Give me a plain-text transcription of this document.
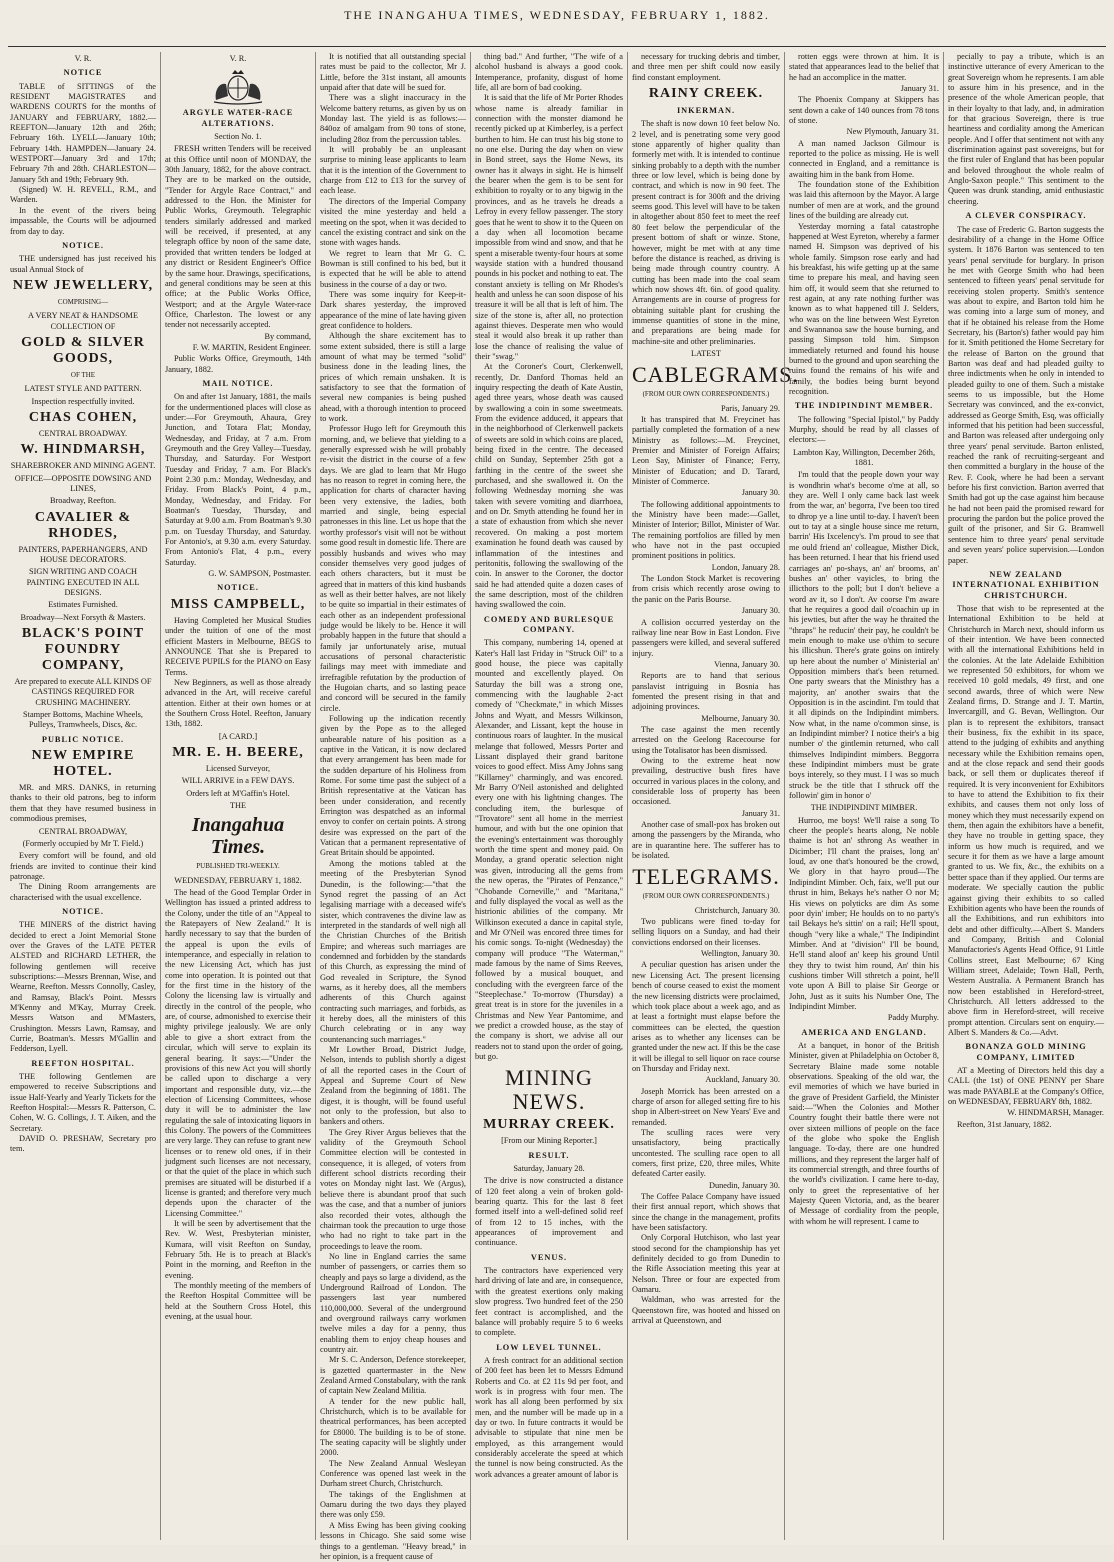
THE INANGAHUA TIMES, WEDNESDAY, FEBRUARY 1, 1882.
V. R.
NOTICE
TABLE of SITTINGS of the RESIDENT MAGISTRATES and WARDENS COURTS for the months of JANUARY and FEBRUARY, 1882.—REEFTON—January 12th and 26th; February 16th. LYELL—January 10th; February 14th. HAMPDEN—January 24. WESTPORT—January 3rd and 17th; February 7th and 28th. CHARLESTON—January 5th and 19th; February 9th.
(Signed) W. H. REVELL, R.M., and Warden.
In the event of the rivers being impassable, the Courts will be adjourned from day to day.
NOTICE.
THE undersigned has just received his usual Annual Stock of
NEW JEWELLERY,
COMPRISING—
A VERY NEAT & HANDSOME COLLECTION OF
GOLD & SILVER GOODS,
OF THE
LATEST STYLE AND PATTERN.
Inspection respectfully invited.
CHAS COHEN,
CENTRAL BROADWAY.
W. HINDMARSH,
SHAREBROKER AND MINING AGENT.
OFFICE—OPPOSITE DOWSING AND LINES,
Broadway, Reefton.
CAVALIER & RHODES,
PAINTERS, PAPERHANGERS, AND HOUSE DECORATORS.
SIGN WRITING AND COACH PAINTING EXECUTED IN ALL DESIGNS.
Estimates Furnished.
Broadway—Next Forsyth & Masters.
BLACK'S POINT FOUNDRY COMPANY,
Are prepared to execute ALL KINDS OF CASTINGS REQUIRED FOR CRUSHING MACHINERY.
Stamper Bottoms, Machine Wheels, Pulleys, Tramwheels, Discs, &c.
PUBLIC NOTICE.
NEW EMPIRE HOTEL.
MR. and MRS. DANKS, in returning thanks to their old patrons, beg to inform them that they have resumed business in commodious premises,
CENTRAL BROADWAY,
(Formerly occupied by Mr T. Field.)
Every comfort will be found, and old friends are invited to continue their kind patronage.
The Dining Room arrangements are characterised with the usual excellence.
NOTICE.
THE MINERS of the district having decided to erect a Joint Memorial Stone over the Graves of the LATE PETER ALSTED and RICHARD LETHER, the following gentlemen will receive subscriptions:—Messrs Brennan, Wise, and Wearne, Reefton. Messrs Connolly, Casley, and Ramsay, Black's Point. Messrs M'Kenny and M'Kay, Murray Creek. Messrs Watson and M'Masters, Crushington. Messrs Lawn, Ramsay, and Currie, Boatman's. Messrs M'Gallin and Fedderson, Lyell.
REEFTON HOSPITAL.
THE following Gentlemen are empowered to receive Subscriptions and issue Half-Yearly and Yearly Tickets for the Reefton Hospital:—Messrs R. Patterson, C. Cohen, W. G. Collings, J. T. Aiken, and the Secretary.
DAVID O. PRESHAW, Secretary pro tem.
V. R.
ARGYLE WATER-RACE ALTERATIONS.
Section No. 1.
FRESH written Tenders will be received at this Office until noon of MONDAY, the 30th January, 1882, for the above contract. They are to be marked on the outside, "Tender for Argyle Race Contract," and addressed to the Hon. the Minister for Public Works, Greymouth. Telegraphic tenders similarly addressed and marked will be received, if presented, at any telegraph office by noon of the same date, provided that written tenders be lodged at any district or Resident Engineer's Office by the same hour. Drawings, specifications, and general conditions may be seen at this office; at the Public Works Office, Westport; and at the Argyle Water-race Office, Charleston. The lowest or any tender not necessarily accepted.
By command,
F. W. MARTIN, Resident Engineer.
Public Works Office, Greymouth, 14th January, 1882.
MAIL NOTICE.
On and after 1st January, 1881, the mails for the undermentioned places will close as under:—For Greymouth, Ahaura, Grey Junction, and Totara Flat; Monday, Wednesday, and Friday, at 7 a.m. From Greymouth and the Grey Valley—Tuesday, Thursday, and Saturday. For Westport Tuesday and Friday, 7 a.m. For Black's Point 2.30 p.m.: Monday, Wednesday, and Friday. From Black's Point, 4 p.m., Monday, Wednesday, and Friday. For Boatman's Tuesday, Thursday, and Saturday at 9.00 a.m. From Boatman's 9.30 p.m. on Tuesday Thursday, and Saturday. For Antonio's, at 9.30 a.m. every Saturday. From Antonio's Flat, 4 p.m., every Saturday.
G. W. SAMPSON, Postmaster.
NOTICE.
MISS CAMPBELL,
Having Completed her Musical Studies under the tuition of one of the most efficient Masters in Melbourne, BEGS to ANNOUNCE That she is Prepared to RECEIVE PUPILS for the PIANO on Easy Terms.
New Beginners, as well as those already advanced in the Art, will receive careful attention. Either at their own homes or at the Southern Cross Hotel. Reefton, January 13th, 1882.
[A CARD.]
MR. E. H. BEERE,
Licensed Surveyor,
WILL ARRIVE in a FEW DAYS.
Orders left at M'Gaffin's Hotel.
THE
Inangahua Times.
PUBLISHED TRI-WEEKLY.
WEDNESDAY, FEBRUARY 1, 1882.
The head of the Good Templar Order in Wellington has issued a printed address to the Colony, under the title of an "Appeal to the Ratepayers of New Zealand." It is hardly necessary to say that the burden of the appeal is upon the evils of intemperance, and especially in relation to the new Licensing Act, which has just come into operation. It is pointed out that for the first time in the history of the Colony the licensing law is virtually and directly in the control of the people, who are, of course, admonished to exercise their mighty privilege jealously. We are only able to give a short extract from the circular, which will serve to explain its general bearing. It says:—"Under the provisions of this new Act you will shortly be called upon to discharge a very important and responsible duty, viz.—the election of Licensing Committees, whose duty it will be to administer the law regulating the sale of intoxicating liquors in this Colony. The powers of the Committees are very large. They can refuse to grant new licenses or to renew old ones, if in their judgment such licenses are not necessary, or that the quiet of the place in which such premises are situated will be disturbed if a license is granted; and therefore very much depends upon the character of the Licensing Committee."
It will be seen by advertisement that the Rev. W. West, Presbyterian minister, Kumara, will visit Reefton on Sunday, February 5th. He is to preach at Black's Point in the morning, and Reefton in the evening.
The monthly meeting of the members of the Reefton Hospital Committee will be held at the Southern Cross Hotel, this evening, at the usual hour.
It is notified that all outstanding special rates must be paid to the collector, Mr J. Little, before the 31st instant, all amounts unpaid after that date will be sued for.
There was a slight inaccuracy in the Welcome battery returns, as given by us on Monday last. The yield is as follows:—840oz of amalgam from 90 tons of stone, including 28oz from the percussion tables.
It will probably be an unpleasant surprise to mining lease applicants to learn that it is the intention of the Government to charge from £12 to £13 for the survey of each lease.
The directors of the Imperial Company visited the mine yesterday and held a meeting on the spot, when it was decided to cancel the existing contract and sink on the stone with wages hands.
We regret to learn that Mr G. C. Bowman is still confined to his bed, but it is expected that he will be able to attend business in the course of a day or two.
There was some inquiry for Keep-it-Dark shares yesterday, the improved appearance of the mine of late having given great confidence to holders.
Although the share excitement has to some extent subsided, there is still a large amount of what may be termed "solid" business done in the leading lines, the prices of which remain unshaken. It is satisfactory to see that the formation of several new companies is being pushed ahead, with a thorough intention to proceed to work.
Professor Hugo left for Greymouth this morning, and, we believe that yielding to a generally expressed wish he will probably re-visit the district in the course of a few days. We are glad to learn that Mr Hugo has no reason to regret in coming here, the application for charts of character having been very extensive, the ladies, both married and single, being especial patronesses in this line. Let us hope that the worthy professor's visit will not be without some good result in domestic life. There are possibly husbands and wives who may consider themselves very good judges of each others characters, but it must be agreed that in matters of this kind husbands as well as their better halves, are not likely to be quite so impartial in their estimates of each other as an independent professional judge would be likely to be. Hence it will probably happen in the future that should a family jar unfortunately arise, mutual accusations of personal characteristic failings may meet with immediate and irrefragible refutation by the production of the Hugoian charts, and so lasting peace and concord will be secured in the family circle.
Following up the indication recently given by the Pope as to the alleged unbearable nature of his position as a captive in the Vatican, it is now declared that every arrangement has been made for the sudden departure of his Holiness from Rome. For some time past the subject of a British representative at the Vatican has been under consideration, and recently Errington was despatched as an informal envoy to confer on certain points. A strong desire was expressed on the part of the Vatican that a permanent representative of Great Britain should be appointed.
Among the motions tabled at the meeting of the Presbyterian Synod Dunedin, is the following:—"that the Synod regret the passing of an Act legalising marriage with a deceased wife's sister, which contravenes the divine law as interpreted in the standards of well nigh all the Christian Churches of the British Empire; and whereas such marriages are condemned and forbidden by the standards of this Church, as expressing the mind of God revealed in Scripture, the Synod warns, as it hereby does, all the members adherents of this Church against contracting such marriages, and forbids, as it hereby does, all the ministers of this Church celebrating or in any way countenancing such marriages."
Mr Lowther Broad, District Judge, Nelson, intends to publish shortly a digest of all the reported cases in the Court of Appeal and Supreme Court of New Zealand from the beginning of 1881. The digest, it is thought, will be found useful not only to the profession, but also to bankers and others.
The Grey River Argus believes that the validity of the Greymouth School Committee election will be contested in consequence, it is alleged, of voters from different school districts recording their votes on Monday night last. We (Argus), believe there is abundant proof that such was the case, and that a number of juniors also recorded their votes, although the chairman took the precaution to urge those who had no right to take part in the proceedings to leave the room.
No line in England carries the same number of passengers, or carries them so cheaply and pays so large a dividend, as the Underground Railroad of London. The passengers last year numbered 110,000,000. Several of the underground and overground railways carry workmen twelve miles a day for a penny, thus enabling them to enjoy cheap houses and country air.
Mr S. C. Anderson, Defence storekeeper, is gazetted quartermaster in the New Zealand Armed Constabulary, with the rank of captain New Zealand Militia.
A tender for the new public hall, Christchurch, which is to be available for theatrical performances, has been accepted for £8000. The building is to be of stone. The seating capacity will be slightly under 2000.
The New Zealand Annual Wesleyan Conference was opened last week in the Durham street Church, Christchurch.
The takings of the Englishmen at Oamaru during the two days they played there was only £59.
A Miss Ewing has been giving cooking lessons in Chicago. She said some wise things to a gentleman. "Heavy bread," in her opinion, is a frequent cause of
thing bad." And further, "The wife of a alcohol husband is always a good cook. Intemperance, profanity, disgust of home life, all are born of bad cooking.
It is said that the life of Mr Porter Rhodes whose name is already familiar in connection with the monster diamond he recently picked up at Kimberley, is a perfect burthen to him. He can trust his big stone to no one else. During the day when on view in Bond street, says the Home News, its owner has it always in sight. He is himself the bearer when the gem is to be sent for exhibition to royalty or to any bigwig in the provinces, and as he travels he dreads a Lefroy in every fellow passenger. The story goes that he went to show it to the Queen on a day when all locomotion became impossible from wind and snow, and that he spent a miserable twenty-four hours at some wayside station with a hundred thousand pounds in his pocket and nothing to eat. The constant anxiety is telling on Mr Rhodes's health and unless he can soon dispose of his treasure it will be all that is left of him. The size of the stone is, after all, no protection against thieves. Desperate men who would steal it would also break it up rather than lose the chance of realising the value of their "swag."
At the Coroner's Court, Clerkenwell, recently, Dr. Danford Thomas held an inquiry respecting the death of Kate Austin, aged three years, whose death was caused by swallowing a coin in some sweetmeats. From the evidence adduced, it appears that in the neighborhood of Clerkenwell packets of sweets are sold in which coins are placed, being fixed in the centre. The deceased child on Sunday, September 25th got a farthing in the centre of the sweet she purchased, and she swallowed it. On the following Wednesday morning she was taken with severe vomiting and diarrhoea, and on Dr. Smyth attending he found her in a state of exhaustion from which she never recovered. On making a post mortem examination he found death was caused by inflammation of the intestines and peritonitis, following the swallowing of the coin. In answer to the Coroner, the doctor said he had attended quite a dozen cases of the same description, most of the children having swallowed the coin.
COMEDY AND BURLESQUE COMPANY.
This company, numbering 14, opened at Kater's Hall last Friday in "Struck Oil" to a good house, the piece was capitally mounted and excellently played. On Saturday the bill was a strong one, commencing with the laughable 2-act comedy of "Checkmate," in which Misses Johns and Wyatt, and Messrs Wilkinson, Alexander, and Lissant, kept the house in continuous roars of laughter. In the musical melange that followed, Messrs Porter and Lissant displayed their grand baritone voices to good effect. Miss Amy Johns sang "Killarney" charmingly, and was encored. Mr Barry O'Neil astonished and delighted every one with his lightning changes. The concluding item, the burlesque of "Trovatore" sent all home in the merriest humour, and with but the one opinion that the evening's entertainment was thoroughly worth the time spent and money paid. On Monday, a grand operatic selection night was given, introducing all the gems from the new operas, the "Pirates of Penzance," "Chobande Corneville," and "Maritana," and fully displayed the vocal as well as the histrionic abilities of the company. Mr Wilkinson executed a dance in capital style, and Mr O'Neil was encored three times for his comic songs. To-night (Wednesday) the company will produce "The Waterman," made famous by the name of Sims Reeves, followed by a musical bouquet, and concluding with the evergreen farce of the "Steeplechase." To-morrow (Thursday) a great treat is in store for the juveniles in a Christmas and New Year Pantomime, and we predict a crowded house, as the stay of the company is short, we advise all our readers not to stand upon the order of going, but go.
MINING NEWS.
MURRAY CREEK.
[From our Mining Reporter.]
RESULT.
Saturday, January 28.
The drive is now constructed a distance of 120 feet along a vein of broken gold-bearing quartz. This for the last 8 feet formed itself into a well-defined solid reef of from 12 to 15 inches, with the appearances of improvement and continuance.
VENUS.
The contractors have experienced very hard driving of late and are, in consequence, with the greatest exertions only making slow progress. Two hundred feet of the 250 feet contract is accomplished, and the balance will probably require 5 to 6 weeks to complete.
LOW LEVEL TUNNEL.
A fresh contract for an additional section of 200 feet has been let to Messrs Edmund Roberts and Co. at £2 11s 9d per foot, and work is in progress with four men. The work has all along been performed by six men, and the number will be made up in a day or two. In future contracts it would be advisable to stipulate that nine men be employed, as this arrangement would considerably accelerate the speed at which the tunnel is now being constructed. As the work advances a greater amount of labor is
necessary for trucking debris and timber, and three men per shift could now easily find constant employment.
RAINY CREEK.
INKERMAN.
The shaft is now down 10 feet below No. 2 level, and is penetrating some very good stone apparently of higher quality than formerly met with. It is intended to continue sinking probably to a depth with the number three or low level, which is being done by contract, and which is now in 90 feet. The present contract is for 300ft and the driving seems good. This level will have to be taken in altogether about 850 feet to meet the reef 80 feet below the perpendicular of the present bottom of shaft or winze. Stone, however, might be met with at any time before the distance is reached, as driving is being made through country country. A cutting has been made into the coal seam which now shows 4ft. 6in. of good quality. Arrangements are in course of progress for obtaining suitable plant for crushing the immense quantities of stone in the mine, and preparations are being made for machine-site and other preliminaries.
LATEST
CABLEGRAMS.
(FROM OUR OWN CORRESPONDENTS.)
Paris, January 29.
It has transpired that M. Freycinet has partially completed the formation of a new Ministry as follows:—M. Freycinet, Premier and Minister of Foreign Affairs; Leon Say, Minister of Finance; Ferry, Minister of Education; and D. Tarard, Minister of Commerce.
January 30.
The following additional appointments to the Ministry have been made:—Gallet, Minister of Interior; Billot, Minister of War. The remaining portfolios are filled by men who have not in the past occupied prominent positions in politics.
London, January 28.
The London Stock Market is recovering from crisis which recently arose owing to the panic on the Paris Bourse.
January 30.
A collision occurred yesterday on the railway line near Bow in East London. Five passengers were killed, and several suffered injury.
Vienna, January 30.
Reports are to hand that serious panslavist intriguing in Bosnia has fomented the present rising in that and adjoining provinces.
Melbourne, January 30.
The case against the men recently arrested on the Geelong Racecourse for using the Totalisator has been dismissed.
Owing to the extreme heat now prevailing, destructive bush fires have occurred in various places in the colony, and considerable loss of property has been occasioned.
January 31.
Another case of small-pox has broken out among the passengers by the Miranda, who are in quarantine here. The sufferer has to be isolated.
TELEGRAMS.
(FROM OUR OWN CORRESPONDENTS.)
Christchurch, January 30.
Two publicans were fined to-day for selling liquors on a Sunday, and had their convictions endorsed on their licenses.
Wellington, January 30.
A peculiar question has arisen under the new Licensing Act. The present licensing bench of course ceased to exist the moment the new licensing districts were proclaimed, which took place about a week ago, and as at least a fortnight must elapse before the committees can be elected, the question arises as to whether any licenses can be granted under the new act. If this be the case it will be illegal to sell liquor on race course on Thursday and Friday next.
Auckland, January 30.
Joseph Morrick has been arrested on a charge of arson for alleged setting fire to his shop in Albert-street on New Years' Eve and remanded.
The sculling races were very unsatisfactory, being practically uncontested. The sculling race open to all comers, first prize, £20, three miles, White defeated Carter easily.
Dunedin, January 30.
The Coffee Palace Company have issued their first annual report, which shows that since the change in the management, profits have been satisfactory.
Only Corporal Hutchison, who last year stood second for the championship has yet definitely decided to go from Dunedin to the Rifle Association meeting this year at Nelson. Three or four are expected from Oamaru.
Waldman, who was arrested for the Queenstown fire, was hooted and hissed on arrival at Queenstown, and
rotten eggs were thrown at him. It is stated that appearances lead to the belief that he had an accomplice in the matter.
January 31.
The Phoenix Company at Skippers has sent down a cake of 140 ounces from 78 tons of stone.
New Plymouth, January 31.
A man named Jackson Gilmour is reported to the police as missing. He is well connected in England, and a remittance is awaiting him in the bank from Home.
The foundation stone of the Exhibition was laid this afternoon by the Mayor. A large number of men are at work, and the ground lines of the building are already cut.
Yesterday morning a fatal catastrophe happened at West Eyreton, whereby a farmer named H. Simpson was deprived of his whole family. Simpson rose early and had his breakfast, his wife getting up at the same time to prepare his meal, and having seen him off, it would seem that she returned to rest again, at any rate nothing further was known as to what happened till J. Selders, who was on the line between West Eyreton and Swannanoa saw the house burning, and passing Simpson told him. Simpson immediately returned and found his house burned to the ground and upon searching the ruins found the remains of his wife and family, the bodies being burnt beyond recognition.
THE INDIPINDINT MEMBER.
The following "Special Ipistol," by Paddy Murphy, should be read by all classes of electors:—
Lambton Kay, Willington, December 26th, 1881.
I'm tould that the people down your way is wondhrin what's become o'me at all, so they are. Well I only came back last week from the war, an' begorra, I've been too tired to dhrop ye a line until to-day. I haven't been out to tay at a single house since me return, barrin' His Ixcelency's. I'm proud to see that me ould friend an' colleague, Misther Dick, has been returned. I hear that his friend used carriages an' po-shays, an' an' brooms, an' bushes an' other vayicles, to bring the illicthors to the poll; but I don't believe a word av it, so I don't. Av coorse I'm aware that he requires a good dail o'coachin up in his jewties, but after the way he thraited the "thraps" he reducin' their pay, he couldn't be mein enough to make use o'thim to secure his illicshun. There's grate goins on intirely up here about the number o' Ministerial an' Opposition mimbers that's been returned. One party swears that the Ministhry has a majority, an' another swairs that the Opposition is in the ascindint. I'm tould that it all dipinds on the Indipindint mimbers. Now what, in the name o'common sinse, is an Indipindint mimber? I notice their's a big number o' the gintlemin returned, who call thimselves Indipindint mimbers. Beggorra these Indipindint mimbers must be grate boys interely, so they must. I I was so much struck be the title that I sthruck off the followin' gim in honor o'
THE INDIPINDINT MIMBER.
Hurroo, me boys! We'll raise a song To cheer the people's hearts along, Ne noble thaime is hot an' sthrong As weather in Dicimber; I'll chant the praises, long an' loud, av one that's honoured be the crowd, We glory in that hayro proud—The Indipindint Mimber. Och, faix, we'll put our thrust in him, Bekays he's nather O nor M; His views on polyticks are dim As some poor dyin' imber; He houlds on to no party's tail Bekays he's sittin' on a rail; He'll spout, though "very like a whale," The Indipindint Mimber. And at "division" I'll be bound, He'll stand aloof an' keep his ground Until they thry to twist him round, An' thin his cushions timber Will sthretch a point, he'll vote upon A Bill to plaise Sir George or John, Just as it suits his Number One, The Indipindint Mimber.
Paddy Murphy.
AMERICA AND ENGLAND.
At a banquet, in honor of the British Minister, given at Philadelphia on October 8, Secretary Blaine made some notable observations. Speaking of the old war, the evil memories of which we have buried in the grave of President Garfield, the Minister said:—"When the Colonies and Mother Country fought their battle there were not over sixteen millions of people on the face of the globe who spoke the English language. To-day, there are one hundred millions, and they represent the larger half of its commercial strength, and three fourths of the world's civilization. I came here to-day, only to greet the representative of her Majesty Queen Victoria, and, as the bearer of Message of cordiality from the people, with whom he will represent. I came to
pecially to pay a tribute, which is an instinctive utterance of every American to the great Sovereign whom he represents. I am able to assure him in his presence, and in the presence of the whole American people, that in their loyalty to that lady, and, in admiration for that gracious Sovereign, there is true heartiness and cordiality among the American people. And I offer that sentiment not with any discrimination against past sovereigns, but for the first ruler of England that has been popular and beloved throughout the whole realm of Anglo-Saxon people." This sentiment to the Queen was drunk standing, amid enthusiastic cheering.
A CLEVER CONSPIRACY.
The case of Frederic G. Barton suggests the desirability of a change in the Home Office system. It 1876 Barton was sentenced to ten years' penal servitude for burglary. In prison he met with George Smith who had been sentenced to fifteen years' penal servitude for receiving stolen property. Smith's sentence was about to expire, and Barton told him he was coming into a large sum of money, and that if he obtained his release from the Home Secretary, his (Barton's) father would pay him for it. Smith petitioned the Home Secretary for the release of Barton on the ground that Barton was deaf and had pleaded guilty to three indictments when he only in intended to pleaded guilty to one of them. Such a mistake seems to us impossible, but the Home Secretary was convinced, and the ex-convict, addressed as George Smith, Esq, was officially informed that his petition had been successful, and Barton was released after undergoing only three years' penal servitude. Barton enlisted, reached the rank of recruiting-sergeant and then committed a burglary in the house of the Rev. F. Cook, where he had been a servant before his first conviction. Barton averred that Smith had got up the case against him because he had not been paid the promised reward for procuring the pardon but the police proved the guilt of the prisoner, and Sir G. Bramwell sentence him to three years' penal servitude and seven years' police supervision.—London paper.
NEW ZEALAND INTERNATIONAL EXHIBITION CHRISTCHURCH.
Those that wish to be represented at the International Exhibition to be held at Christchurch in March next, should inform us of their intention. We have been connected with all the international Exhibitions held in the colonies. At the late Adelaide Exhibition we represented 50 exhibitors, for whom we received 10 gold medals, 49 first, and one second awards, three of which were New Zealand firms, D. Strange and J. T. Martin, Invercargill, and G. Bevan, Wellington. Our plan is to represent the exhibitors, transact their business, fix the exhibit in its space, attend to the judging of exhibits and anything necessary while the Exhibition remains open, and at the close repack and send their goods back, or sell them or duplicates thereof if required. It is very inconvenient for Exhibitors to have to attend the Exhibition to fix their exhibits, and causes them not only loss of money which they must necessarily expend on them, then again the exhibitors have a benefit, they have no trouble in getting space, they inform us how much is required, and we secure it for them as we have a large amount granted to us. We fix, &c., the exhibits on a better space than if they applied. Our terms are moderate. We specially caution the public against giving their exhibits to so called Exhibition agents who have been the rounds of all the Exhibitions, and run exhibitors into debt and other difficulty.—Albert S. Manders and Company, British and Colonial Manufactories's Agents Head Office, 91 Little Collins street, East Melbourne; 67 King William street, Adelaide; Town Hall, Perth, Western Australia. A Permanent Branch has now been established in Hereford-street, Christchurch. All letters addressed to the above firm in Hereford-street, will receive prompt attention. Circulars sent on enquiry.—Albert S. Manders & Co.—Advt.
BONANZA GOLD MINING COMPANY, LIMITED
AT a Meeting of Directors held this day a CALL (the 1st) of ONE PENNY per Share was made PAYABLE at the Company's Office, on WEDNESDAY, FEBRUARY 8th, 1882.
W. HINDMARSH, Manager.
Reefton, 31st January, 1882.
